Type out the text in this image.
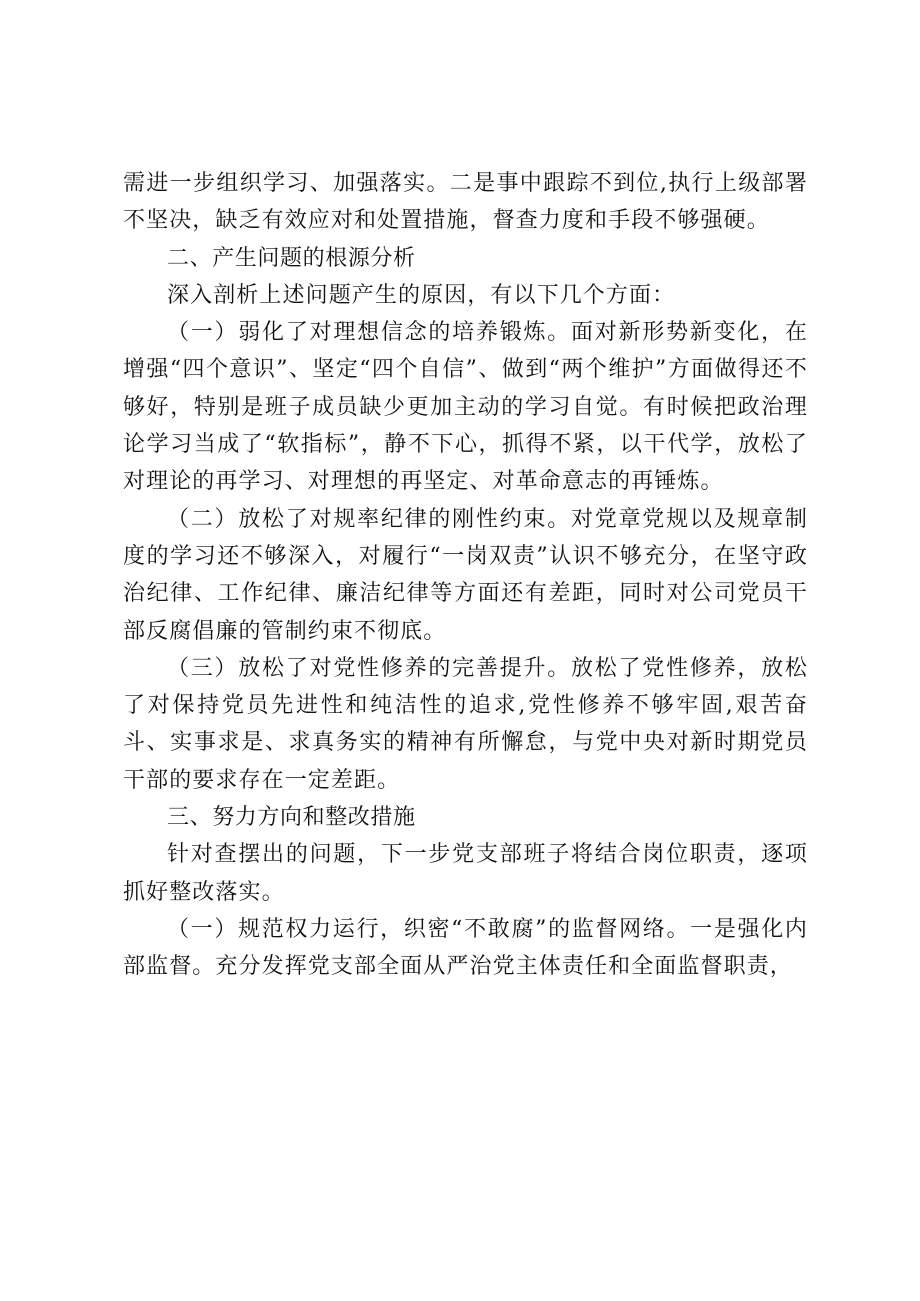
需进一步组织学习、加强落实。二是事中跟踪不到位,执行上级部署不坚决，缺乏有效应对和处置措施，督查力度和手段不够强硬。

二、产生问题的根源分析

深入剖析上述问题产生的原因，有以下几个方面：

（一）弱化了对理想信念的培养锻炼。面对新形势新变化，在增强“四个意识”、坚定“四个自信”、做到“两个维护”方面做得还不够好，特别是班子成员缺少更加主动的学习自觉。有时候把政治理论学习当成了“软指标”，静不下心，抓得不紧，以干代学，放松了对理论的再学习、对理想的再坚定、对革命意志的再锤炼。

（二）放松了对规率纪律的刚性约束。对党章党规以及规章制度的学习还不够深入，对履行“一岗双责”认识不够充分，在坚守政治纪律、工作纪律、廉洁纪律等方面还有差距，同时对公司党员干部反腐倡廉的管制约束不彻底。

（三）放松了对党性修养的完善提升。放松了党性修养，放松了对保持党员先进性和纯洁性的追求,党性修养不够牢固,艰苦奋斗、实事求是、求真务实的精神有所懈怠，与党中央对新时期党员干部的要求存在一定差距。

三、努力方向和整改措施

针对查摆出的问题，下一步党支部班子将结合岗位职责，逐项抓好整改落实。

（一）规范权力运行，织密“不敢腐”的监督网络。一是强化内部监督。充分发挥党支部全面从严治党主体责任和全面监督职责，
